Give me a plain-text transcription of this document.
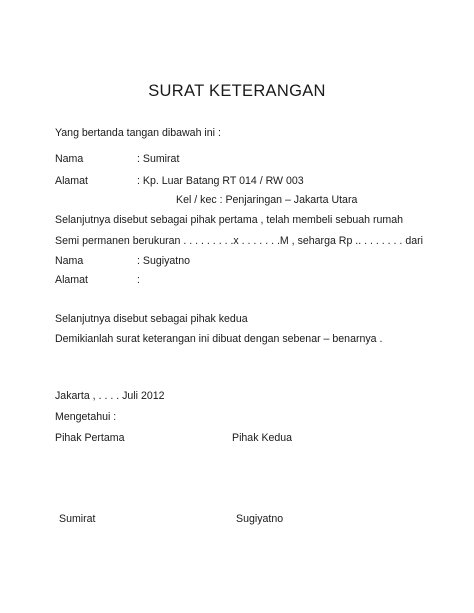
SURAT KETERANGAN
Yang bertanda tangan dibawah ini :
Nama	: Sumirat
Alamat	: Kp. Luar Batang RT 014 / RW 003
Kel / kec : Penjaringan – Jakarta Utara
Selanjutnya disebut sebagai pihak pertama , telah membeli sebuah rumah
Semi permanen berukuran . . . . . . . . .x . . . . . . .M , seharga Rp .. . . . . . . . dari
Nama	: Sugiyatno
Alamat	:
Selanjutnya disebut sebagai pihak kedua
Demikianlah surat keterangan ini dibuat dengan sebenar – benarnya .
Jakarta , . . . . Juli 2012
Mengetahui :
Pihak Pertama	Pihak Kedua
Sumirat	Sugiyatno
